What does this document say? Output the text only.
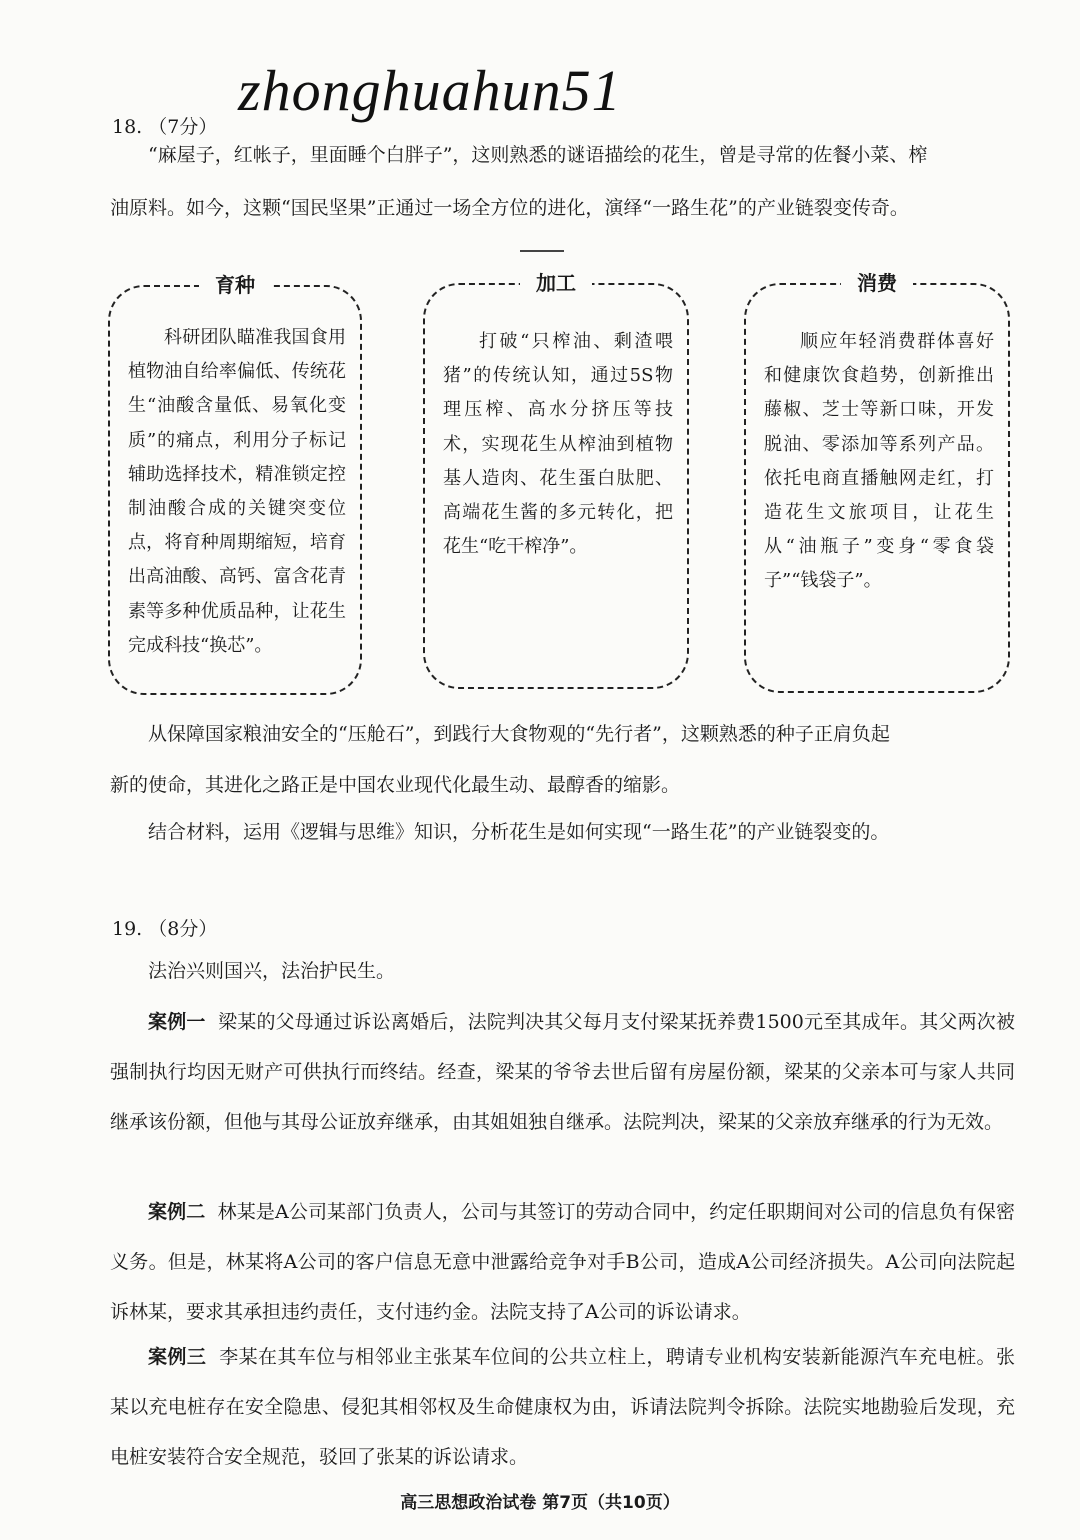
zhonghuahun51
18. （7分）

“麻屋子，红帐子，里面睡个白胖子”，这则熟悉的谜语描绘的花生，曾是寻常的佐餐小菜、榨

油原料。如今，这颗“国民坚果”正通过一场全方位的进化，演绎“一路生花”的产业链裂变传奇。

育种

科研团队瞄准我国食用植物油自给率偏低、传统花生“油酸含量低、易氧化变质”的痛点，利用分子标记辅助选择技术，精准锁定控制油酸合成的关键突变位点，将育种周期缩短，培育出高油酸、高钙、富含花青素等多种优质品种，让花生完成科技“换芯”。

加工

打破“只榨油、剩渣喂猪”的传统认知，通过5S物理压榨、高水分挤压等技术，实现花生从榨油到植物基人造肉、花生蛋白肽肥、高端花生酱的多元转化，把花生“吃干榨净”。

消费

顺应年轻消费群体喜好和健康饮食趋势，创新推出藤椒、芝士等新口味，开发脱油、零添加等系列产品。依托电商直播触网走红，打造花生文旅项目，让花生从“油瓶子”变身“零食袋子”“钱袋子”。

从保障国家粮油安全的“压舱石”，到践行大食物观的“先行者”，这颗熟悉的种子正肩负起

新的使命，其进化之路正是中国农业现代化最生动、最醇香的缩影。

结合材料，运用《逻辑与思维》知识，分析花生是如何实现“一路生花”的产业链裂变的。

19. （8分）

法治兴则国兴，法治护民生。

案例一 梁某的父母通过诉讼离婚后，法院判决其父每月支付梁某抚养费1500元至其成年。其父两次被强制执行均因无财产可供执行而终结。经查，梁某的爷爷去世后留有房屋份额，梁某的父亲本可与家人共同继承该份额，但他与其母公证放弃继承，由其姐姐独自继承。法院判决，梁某的父亲放弃继承的行为无效。

案例二 林某是A公司某部门负责人，公司与其签订的劳动合同中，约定任职期间对公司的信息负有保密义务。但是，林某将A公司的客户信息无意中泄露给竞争对手B公司，造成A公司经济损失。A公司向法院起诉林某，要求其承担违约责任，支付违约金。法院支持了A公司的诉讼请求。

案例三 李某在其车位与相邻业主张某车位间的公共立柱上，聘请专业机构安装新能源汽车充电桩。张某以充电桩存在安全隐患、侵犯其相邻权及生命健康权为由，诉请法院判令拆除。法院实地勘验后发现，充电桩安装符合安全规范，驳回了张某的诉讼请求。

高三思想政治试卷 第7页（共10页）
